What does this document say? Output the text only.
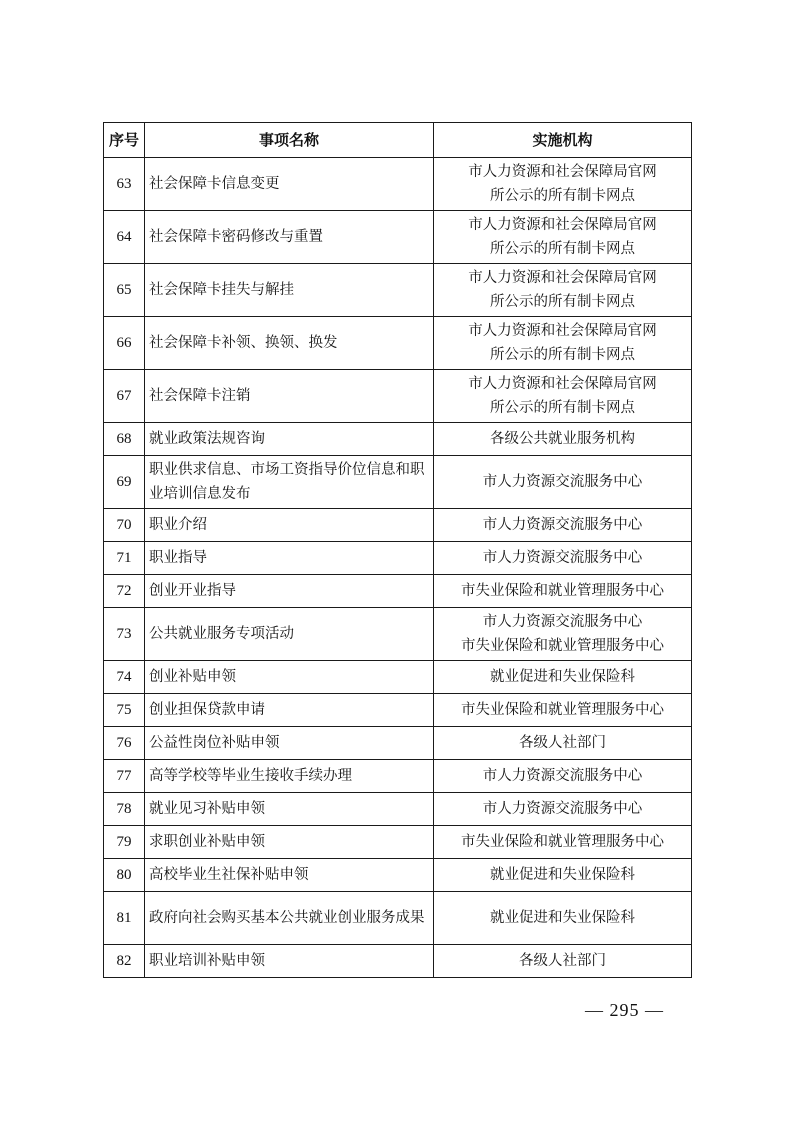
序号	事项名称	实施机构
63	社会保障卡信息变更	市人力资源和社会保障局官网
所公示的所有制卡网点

64	社会保障卡密码修改与重置	市人力资源和社会保障局官网
所公示的所有制卡网点

65	社会保障卡挂失与解挂	市人力资源和社会保障局官网
所公示的所有制卡网点

66	社会保障卡补领、换领、换发	市人力资源和社会保障局官网
所公示的所有制卡网点

67	社会保障卡注销	市人力资源和社会保障局官网
所公示的所有制卡网点

68	就业政策法规咨询	各级公共就业服务机构

69	职业供求信息、市场工资指导价位信息和职业培训信息发布	市人力资源交流服务中心

70	职业介绍	市人力资源交流服务中心

71	职业指导	市人力资源交流服务中心

72	创业开业指导	市失业保险和就业管理服务中心

73	公共就业服务专项活动	市人力资源交流服务中心
市失业保险和就业管理服务中心

74	创业补贴申领	就业促进和失业保险科

75	创业担保贷款申请	市失业保险和就业管理服务中心

76	公益性岗位补贴申领	各级人社部门

77	高等学校等毕业生接收手续办理	市人力资源交流服务中心

78	就业见习补贴申领	市人力资源交流服务中心

79	求职创业补贴申领	市失业保险和就业管理服务中心

80	高校毕业生社保补贴申领	就业促进和失业保险科

81	政府向社会购买基本公共就业创业服务成果	就业促进和失业保险科

82	职业培训补贴申领	各级人社部门
— 295 —
